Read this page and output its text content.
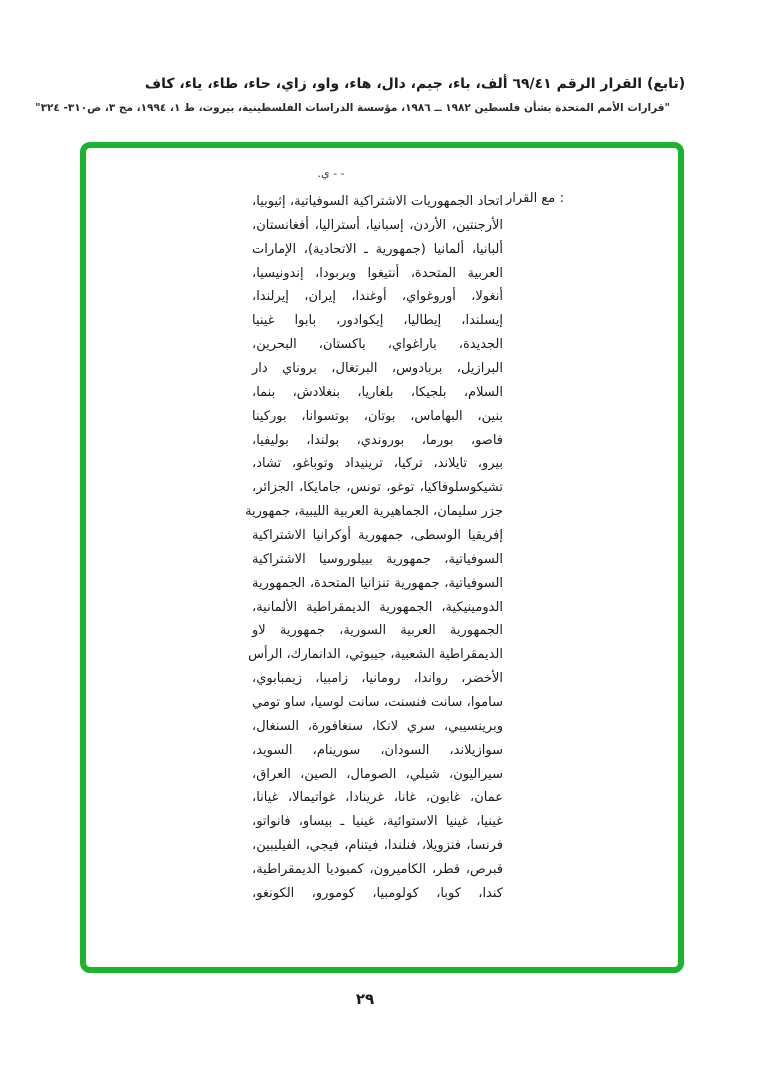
(تابع) القرار الرقم ٦٩/٤١ ألف، باء، جيم، دال، هاء، واو، زاي، حاء، طاء، ياء، كاف
"قرارات الأمم المتحدة بشأن فلسطين ١٩٨٢ ــ ١٩٨٦، مؤسسة الدراسات الفلسطينية، بيروت، ط ١، ١٩٩٤، مج ٣، ص٣١٠- ٣٢٤"
- - ي.
:
مع القرار
اتحاد الجمهوريات الاشتراكية السوفياتية، إثيوبيا،
الأرجنتين، الأردن، إسبانيا، أستراليا، أفغانستان،
ألبانيا، ألمانيا (جمهورية ـ الاتحادية)، الإمارات
العربية المتحدة، أنتيغوا وبربودا، إندونيسيا،
أنغولا، أوروغواي، أوغندا، إيران، إيرلندا،
إيسلندا، إيطاليا، إيكوادور، بابوا غينيا
الجديدة، باراغواي، باكستان، البحرين،
البرازيل، بربادوس، البرتغال، بروناي دار
السلام، بلجيكا، بلغاريا، بنغلادش، بنما،
بنين، البهاماس، بوتان، بوتسوانا، بوركينا
فاصو، بورما، بوروندي، بولندا، بوليفيا،
بيرو، تايلاند، تركيا، ترينيداد وتوباغو، تشاد،
تشيكوسلوفاكيا، توغو، تونس، جامايكا، الجزائر،
جزر سليمان، الجماهيرية العربية الليبية، جمهورية
إفريقيا الوسطى، جمهورية أوكرانيا الاشتراكية
السوفياتية، جمهورية بييلوروسيا الاشتراكية
السوفياتية، جمهورية تنزانيا المتحدة، الجمهورية
الدومينيكية، الجمهورية الديمقراطية الألمانية،
الجمهورية العربية السورية، جمهورية لاو
الديمقراطية الشعبية، جيبوتي، الدانمارك، الرأس
الأخضر، رواندا، رومانيا، زامبيا، زيمبابوي،
ساموا، سانت فنسنت، سانت لوسيا، ساو تومي
وبرينسيبي، سري لانكا، سنغافورة، السنغال،
سوازيلاند، السودان، سورينام، السويد،
سيراليون، شيلي، الصومال، الصين، العراق،
عمان، غابون، غانا، غرينادا، غواتيمالا، غيانا،
غينيا، غينيا الاستوائية، غينيا ـ بيساو، فانواتو،
فرنسا، فنزويلا، فنلندا، فيتنام، فيجي، الفيليبين،
قبرص، قطر، الكاميرون، كمبوديا الديمقراطية،
كندا، كوبا، كولومبيا، كومورو، الكونغو،
٢٩
